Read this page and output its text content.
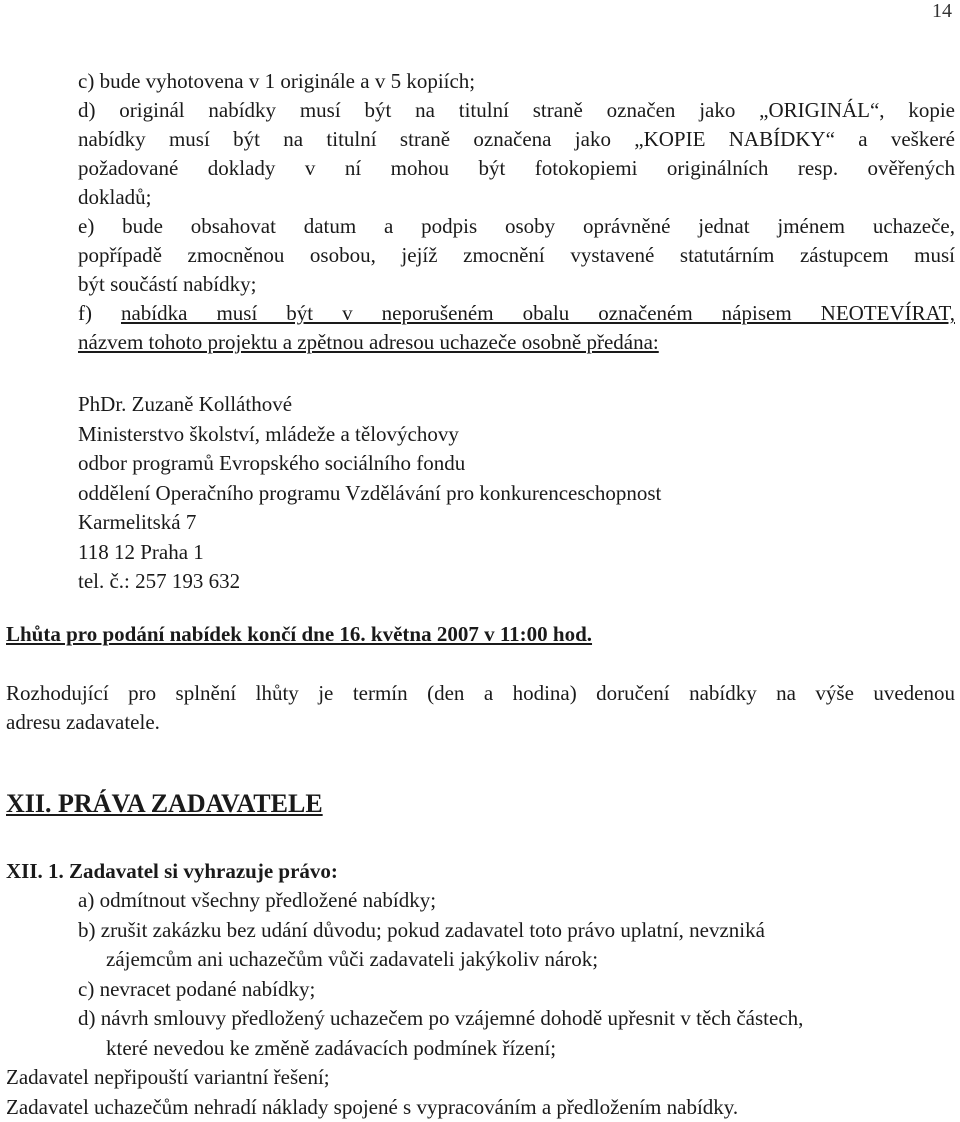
14
c) bude vyhotovena v 1 originále a v 5 kopiích;
d) originál nabídky musí být na titulní straně označen jako „ORIGINÁL“, kopie
nabídky musí být na titulní straně označena jako „KOPIE NABÍDKY“ a veškeré
požadované doklady v ní mohou být fotokopiemi originálních resp. ověřených
dokladů;
e) bude obsahovat datum a podpis osoby oprávněné jednat jménem uchazeče,
popřípadě zmocněnou osobou, jejíž zmocnění vystavené statutárním zástupcem musí
být součástí nabídky;
f) nabídka musí být v neporušeném obalu označeném nápisem NEOTEVÍRAT,
názvem tohoto projektu a zpětnou adresou uchazeče osobně předána:
PhDr. Zuzaně Kolláthové
Ministerstvo školství, mládeže a tělovýchovy
odbor programů Evropského sociálního fondu
oddělení Operačního programu Vzdělávání pro konkurenceschopnost
Karmelitská 7
118 12 Praha 1
tel. č.: 257 193 632
Lhůta pro podání nabídek končí dne 16. května 2007 v 11:00 hod.
Rozhodující pro splnění lhůty je termín (den a hodina) doručení nabídky na výše uvedenou
adresu zadavatele.
XII. PRÁVA ZADAVATELE
XII. 1. Zadavatel si vyhrazuje právo:
a) odmítnout všechny předložené nabídky;
b) zrušit zakázku bez udání důvodu; pokud zadavatel toto právo uplatní, nevzniká
zájemcům ani uchazečům vůči zadavateli jakýkoliv nárok;
c) nevracet podané nabídky;
d) návrh smlouvy předložený uchazečem po vzájemné dohodě upřesnit v těch částech,
které nevedou ke změně zadávacích podmínek řízení;
Zadavatel nepřipouští variantní řešení;
Zadavatel uchazečům nehradí náklady spojené s vypracováním a předložením nabídky.
